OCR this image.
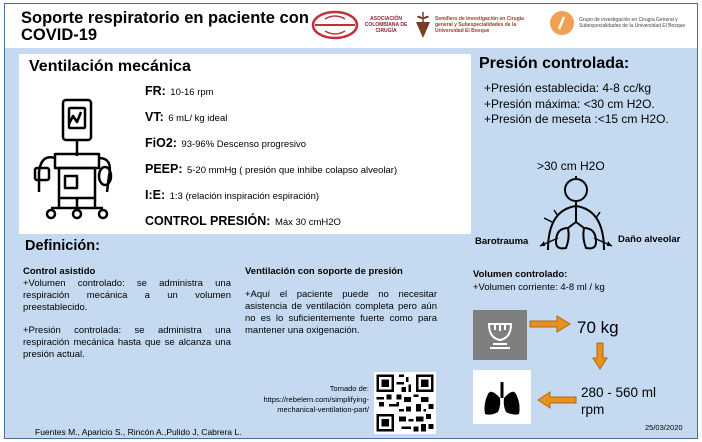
Soporte respiratorio en paciente con COVID-19
ASOCIACIÓN COLOMBIANA DE CIRUGÍA
Semillero de Investigación en Cirugía general y Subespecialidades de la Universidad El Bosque
Grupo de investigación en Cirugía General y Subespecialidades de la Universidad El Bosque
Ventilación mecánica
FR: 10-16 rpm
VT: 6 mL/ kg ideal
FiO2: 93-96% Descenso progresivo
PEEP: 5-20 mmHg ( presión que inhibe colapso alveolar)
I:E: 1:3 (relación inspiración espiración)
CONTROL PRESIÓN: Máx 30 cmH2O
Presión controlada:
+Presión establecida: 4-8 cc/kg
+Presión máxima: <30 cm H2O.
+Presión de meseta :<15 cm H2O.
>30 cm H2O
Barotrauma	Daño alveolar
Definición:
Control asistido
+Volumen controlado: se administra una respiración mecánica a un volumen preestablecido.
+Presión controlada: se administra una respiración mecánica hasta que se alcanza una presión actual.
Ventilación con soporte de presión
+Aquí el paciente puede no necesitar asistencia de ventilación completa pero aún no es lo suficientemente fuerte como para mantener una oxigenación.
Volumen controlado:
+Volumen corriente: 4-8 ml / kg
70 kg
280 - 560 ml rpm
25/03/2020
Tomado de:
https://rebelem.com/simplifying-mechanical-ventilation-part/
Fuentes M., Aparicio S., Rincón A.,Pulido J, Cabrera L.
